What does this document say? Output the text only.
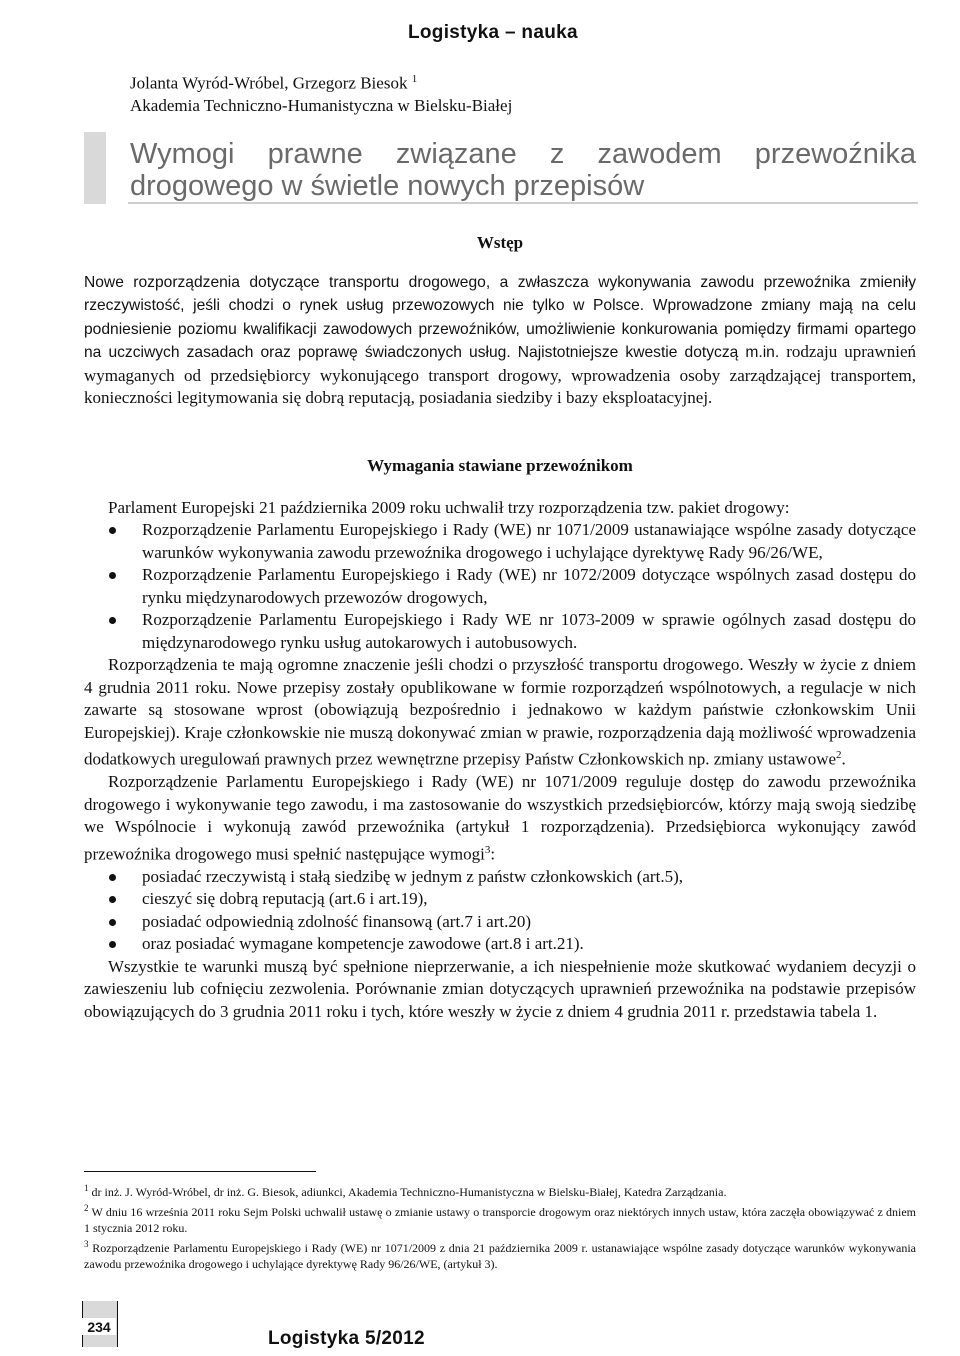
Logistyka – nauka
Jolanta Wyród-Wróbel, Grzegorz Biesok $^1$
Akademia Techniczno-Humanistyczna w Bielsku-Białej
Wymogi prawne związane z zawodem przewoźnika drogowego w świetle nowych przepisów

Wstęp

Nowe rozporządzenia dotyczące transportu drogowego, a zwłaszcza wykonywania zawodu przewoźnika zmieniły rzeczywistość, jeśli chodzi o rynek usług przewozowych nie tylko w Polsce. Wprowadzone zmiany mają na celu podniesienie poziomu kwalifikacji zawodowych przewoźników, umożliwienie konkurowania pomiędzy firmami opartego na uczciwych zasadach oraz poprawę świadczonych usług. Najistotniejsze kwestie dotyczą m.in. rodzaju uprawnień wymaganych od przedsiębiorcy wykonującego transport drogowy, wprowadzenia osoby zarządzającej transportem, konieczności legitymowania się dobrą reputacją, posiadania siedziby i bazy eksploatacyjnej.

Wymagania stawiane przewoźnikom

Parlament Europejski 21 października 2009 roku uchwalił trzy rozporządzenia tzw. pakiet drogowy:

Rozporządzenie Parlamentu Europejskiego i Rady (WE) nr 1071/2009 ustanawiające wspólne zasady dotyczące warunków wykonywania zawodu przewoźnika drogowego i uchylające dyrektywę Rady 96/26/WE,
Rozporządzenie Parlamentu Europejskiego i Rady (WE) nr 1072/2009 dotyczące wspólnych zasad dostępu do rynku międzynarodowych przewozów drogowych,
Rozporządzenie Parlamentu Europejskiego i Rady WE nr 1073-2009 w sprawie ogólnych zasad dostępu do międzynarodowego rynku usług autokarowych i autobusowych.

Rozporządzenia te mają ogromne znaczenie jeśli chodzi o przyszłość transportu drogowego. Weszły w życie z dniem 4 grudnia 2011 roku. Nowe przepisy zostały opublikowane w formie rozporządzeń wspólnotowych, a regulacje w nich zawarte są stosowane wprost (obowiązują bezpośrednio i jednakowo w każdym państwie członkowskim Unii Europejskiej). Kraje członkowskie nie muszą dokonywać zmian w prawie, rozporządzenia dają możliwość wprowadzenia dodatkowych uregulowań prawnych przez wewnętrzne przepisy Państw Członkowskich np. zmiany ustawowe$^2$.

Rozporządzenie Parlamentu Europejskiego i Rady (WE) nr 1071/2009 reguluje dostęp do zawodu przewoźnika drogowego i wykonywanie tego zawodu, i ma zastosowanie do wszystkich przedsiębiorców, którzy mają swoją siedzibę we Wspólnocie i wykonują zawód przewoźnika (artykuł 1 rozporządzenia). Przedsiębiorca wykonujący zawód przewoźnika drogowego musi spełnić następujące wymogi$^3$:

posiadać rzeczywistą i stałą siedzibę w jednym z państw członkowskich (art.5),
cieszyć się dobrą reputacją (art.6 i art.19),
posiadać odpowiednią zdolność finansową (art.7 i art.20)
oraz posiadać wymagane kompetencje zawodowe (art.8 i art.21).

Wszystkie te warunki muszą być spełnione nieprzerwanie, a ich niespełnienie może skutkować wydaniem decyzji o zawieszeniu lub cofnięciu zezwolenia. Porównanie zmian dotyczących uprawnień przewoźnika na podstawie przepisów obowiązujących do 3 grudnia 2011 roku i tych, które weszły w życie z dniem 4 grudnia 2011 r. przedstawia tabela 1.

$^1$ dr inż. J. Wyród-Wróbel, dr inż. G. Biesok, adiunkci, Akademia Techniczno-Humanistyczna w Bielsku-Białej, Katedra Zarządzania.

$^2$ W dniu 16 września 2011 roku Sejm Polski uchwalił ustawę o zmianie ustawy o transporcie drogowym oraz niektórych innych ustaw, która zaczęła obowiązywać z dniem 1 stycznia 2012 roku.

$^3$ Rozporządzenie Parlamentu Europejskiego i Rady (WE) nr 1071/2009 z dnia 21 października 2009 r. ustanawiające wspólne zasady dotyczące warunków wykonywania zawodu przewoźnika drogowego i uchylające dyrektywę Rady 96/26/WE, (artykuł 3).

234
Logistyka 5/2012
